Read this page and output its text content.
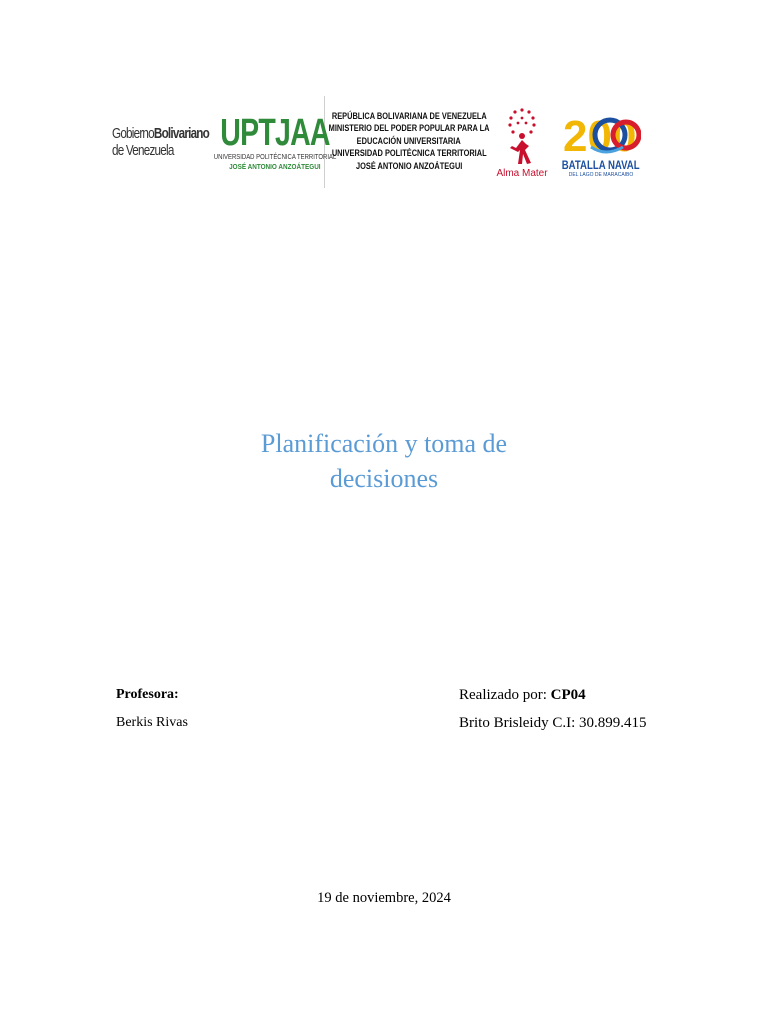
GobiernoBolivariano
de Venezuela	UPTJAA
UNIVERSIDAD POLITÉCNICA TERRITORIAL
JOSÉ ANTONIO ANZOÁTEGUI
REPÚBLICA BOLIVARIANA DE VENEZUELA
MINISTERIO DEL PODER POPULAR PARA LA
EDUCACIÓN UNIVERSITARIA
UNIVERSIDAD POLITÉCNICA TERRITORIAL
JOSÉ ANTONIO ANZOÁTEGUI
Alma Mater
200
BATALLA NAVAL
DEL LAGO DE MARACAIBO
Planificación y toma de
decisiones
Profesora:
Berkis Rivas
Realizado por: CP04
Brito Brisleidy C.I: 30.899.415
19 de noviembre, 2024
